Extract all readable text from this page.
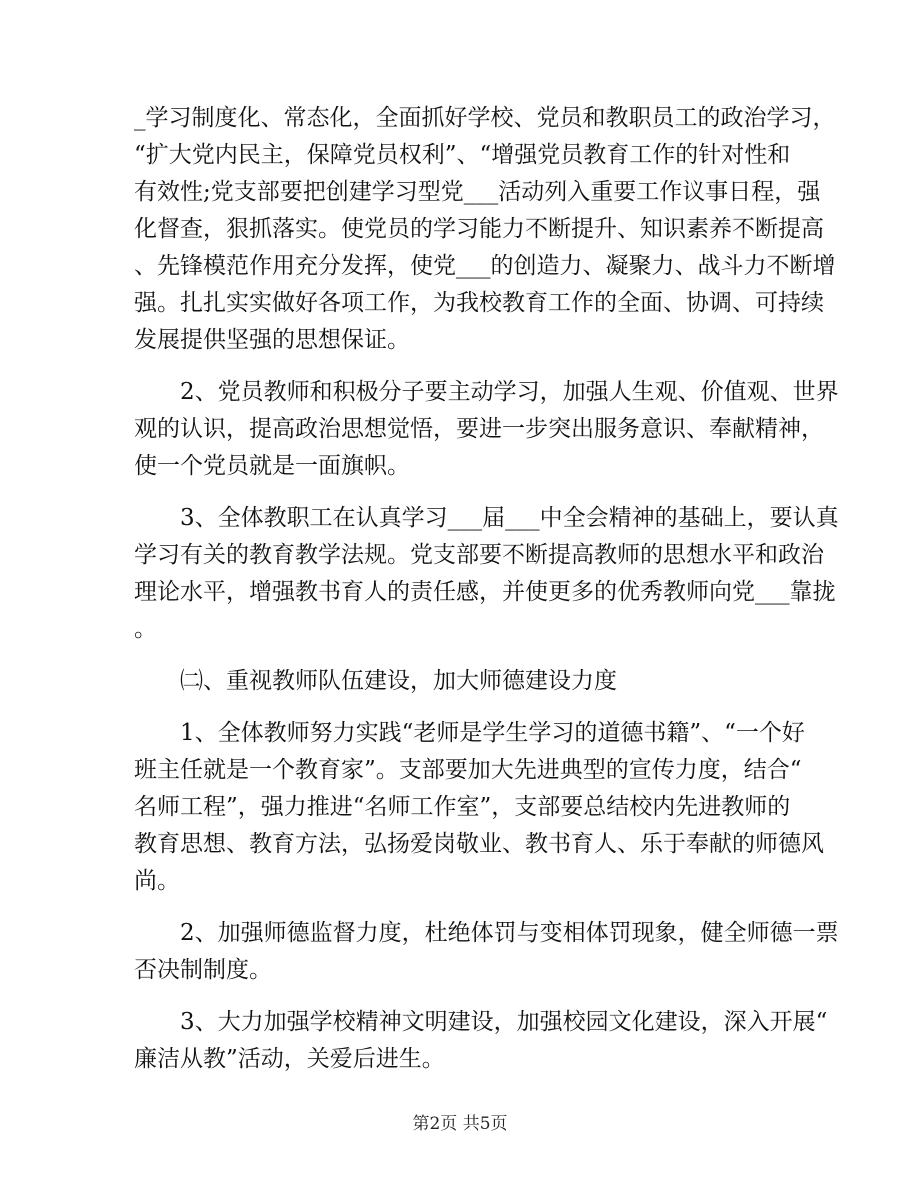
_学习制度化、常态化，全面抓好学校、党员和教职员工的政治学习，
“扩大党内民主，保障党员权利”、“增强党员教育工作的针对性和
有效性;党支部要把创建学习型党___活动列入重要工作议事日程，强
化督查，狠抓落实。使党员的学习能力不断提升、知识素养不断提高
、先锋模范作用充分发挥，使党___的创造力、凝聚力、战斗力不断增
强。扎扎实实做好各项工作，为我校教育工作的全面、协调、可持续
发展提供坚强的思想保证。
　　2、党员教师和积极分子要主动学习，加强人生观、价值观、世界
观的认识，提高政治思想觉悟，要进一步突出服务意识、奉献精神，
使一个党员就是一面旗帜。
　　3、全体教职工在认真学习___届___中全会精神的基础上，要认真
学习有关的教育教学法规。党支部要不断提高教师的思想水平和政治
理论水平，增强教书育人的责任感，并使更多的优秀教师向党___靠拢
。
　　㈡、重视教师队伍建设，加大师德建设力度
　　1、全体教师努力实践“老师是学生学习的道德书籍”、“一个好
班主任就是一个教育家”。支部要加大先进典型的宣传力度，结合“
名师工程”，强力推进“名师工作室”，支部要总结校内先进教师的
教育思想、教育方法，弘扬爱岗敬业、教书育人、乐于奉献的师德风
尚。
　　2、加强师德监督力度，杜绝体罚与变相体罚现象，健全师德一票
否决制制度。
　　3、大力加强学校精神文明建设，加强校园文化建设，深入开展“
廉洁从教”活动，关爱后进生。
第2页 共5页
